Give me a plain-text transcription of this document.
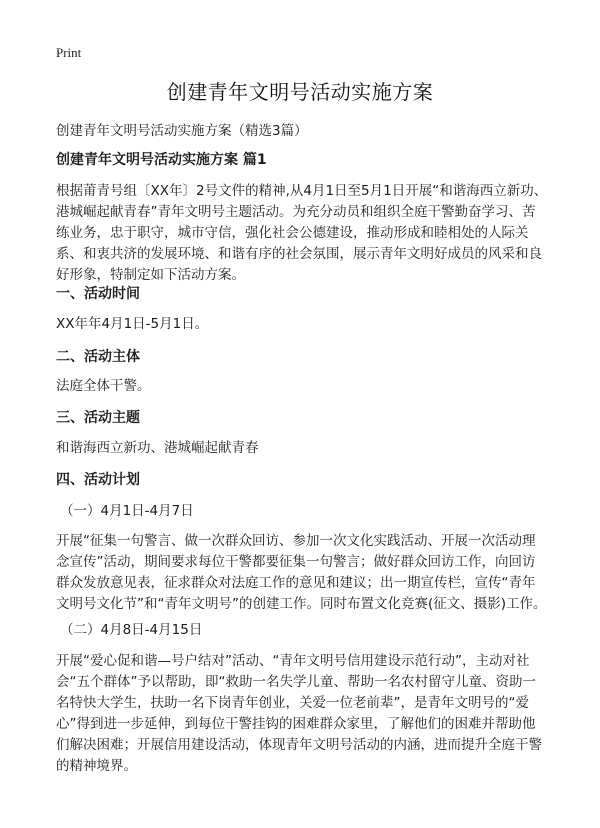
Print
创建青年文明号活动实施方案
创建青年文明号活动实施方案（精选3篇）
创建青年文明号活动实施方案 篇1
根据莆青号组〔XX年〕2号文件的精神,从4月1日至5月1日开展“和谐海西立新功、港城崛起献青春”青年文明号主题活动。为充分动员和组织全庭干警勤奋学习、苦练业务，忠于职守，城市守信，强化社会公德建设，推动形成和睦相处的人际关系、和衷共济的发展环境、和谐有序的社会氛围，展示青年文明好成员的风采和良好形象，特制定如下活动方案。
一、活动时间
XX年年4月1日-5月1日。
二、活动主体
法庭全体干警。
三、活动主题
和谐海西立新功、港城崛起献青春
四、活动计划
（一）4月1日-4月7日
开展“征集一句警言、做一次群众回访、参加一次文化实践活动、开展一次活动理念宣传”活动，期间要求每位干警都要征集一句警言；做好群众回访工作，向回访群众发放意见表，征求群众对法庭工作的意见和建议；出一期宣传栏，宣传“青年文明号文化节”和“青年文明号”的创建工作。同时布置文化竞赛(征文、摄影)工作。
（二）4月8日-4月15日
开展“爱心促和谐—号户结对”活动、“青年文明号信用建设示范行动”，主动对社会“五个群体”予以帮助，即“救助一名失学儿童、帮助一名农村留守儿童、资助一名特快大学生，扶助一名下岗青年创业，关爱一位老前辈”，是青年文明号的“爱心”得到进一步延伸，到每位干警挂钩的困难群众家里，了解他们的困难并帮助他们解决困难；开展信用建设活动，体现青年文明号活动的内涵，进而提升全庭干警的精神境界。
